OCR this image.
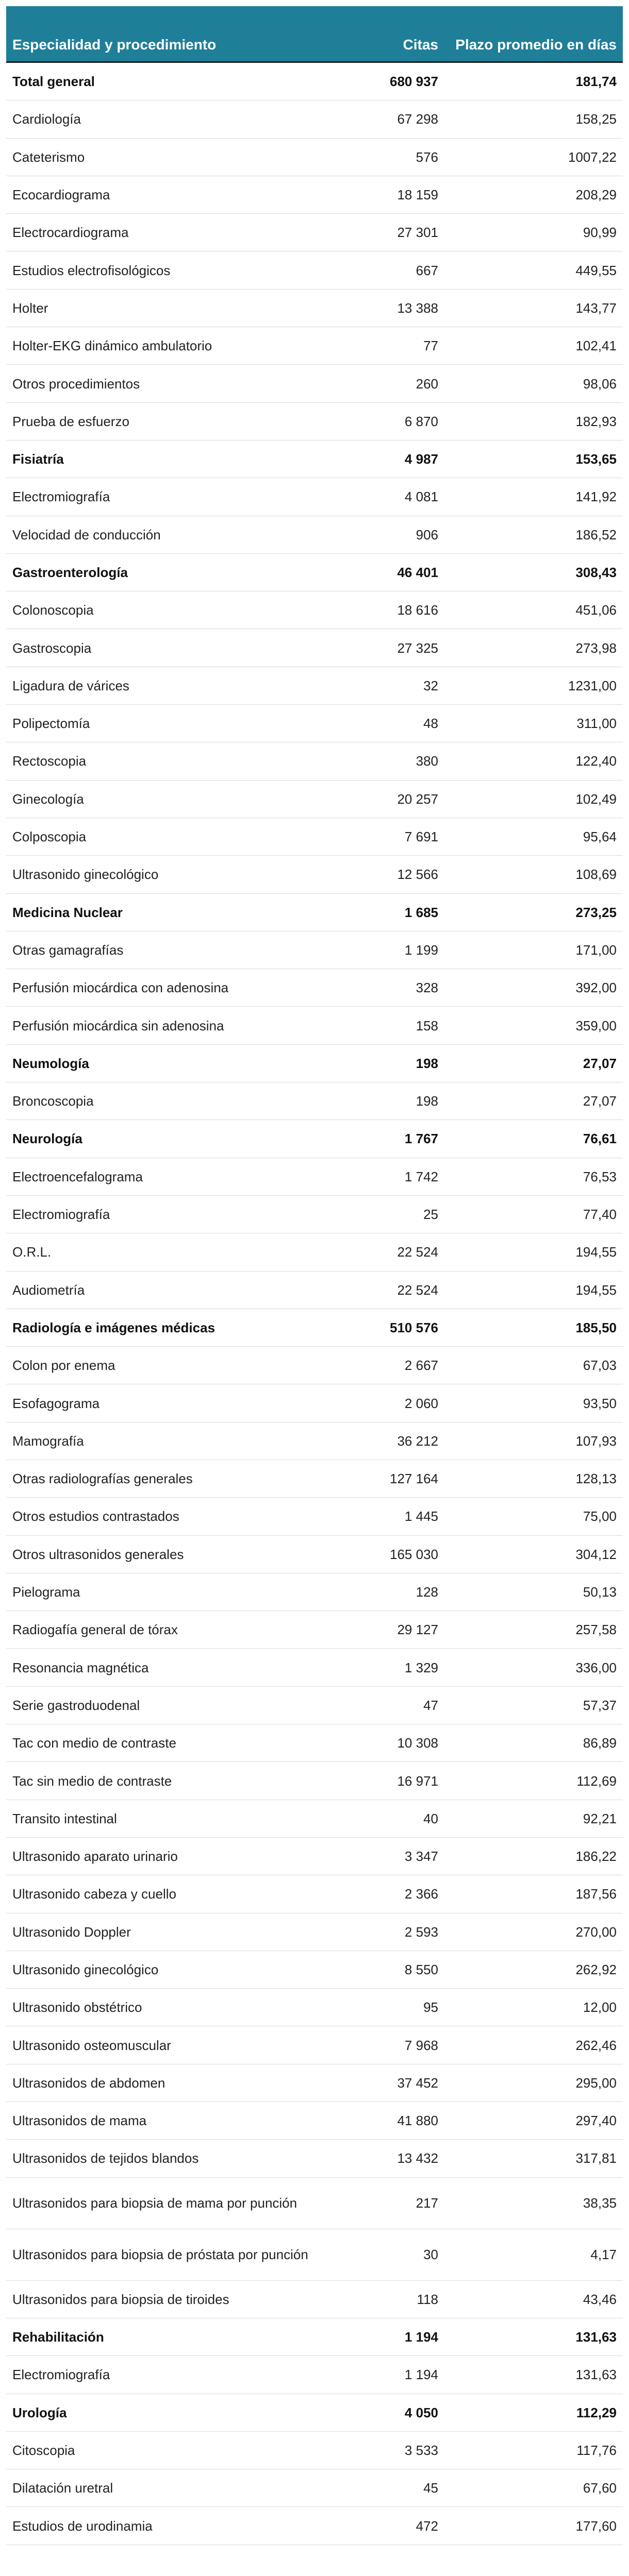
Especialidad y procedimiento	Citas	Plazo promedio en días
Total general	680 937	181,74
Cardiología	67 298	158,25
Cateterismo	576	1007,22
Ecocardiograma	18 159	208,29
Electrocardiograma	27 301	90,99
Estudios electrofisológicos	667	449,55
Holter	13 388	143,77
Holter-EKG dinámico ambulatorio	77	102,41
Otros procedimientos	260	98,06
Prueba de esfuerzo	6 870	182,93
Fisiatría	4 987	153,65
Electromiografía	4 081	141,92
Velocidad de conducción	906	186,52
Gastroenterología	46 401	308,43
Colonoscopia	18 616	451,06
Gastroscopia	27 325	273,98
Ligadura de várices	32	1231,00
Polipectomía	48	311,00
Rectoscopia	380	122,40
Ginecología	20 257	102,49
Colposcopia	7 691	95,64
Ultrasonido ginecológico	12 566	108,69
Medicina Nuclear	1 685	273,25
Otras gamagrafías	1 199	171,00
Perfusión miocárdica con adenosina	328	392,00
Perfusión miocárdica sin adenosina	158	359,00
Neumología	198	27,07
Broncoscopia	198	27,07
Neurología	1 767	76,61
Electroencefalograma	1 742	76,53
Electromiografía	25	77,40
O.R.L.	22 524	194,55
Audiometría	22 524	194,55
Radiología e imágenes médicas	510 576	185,50
Colon por enema	2 667	67,03
Esofagograma	2 060	93,50
Mamografía	36 212	107,93
Otras radiolografías generales	127 164	128,13
Otros estudios contrastados	1 445	75,00
Otros ultrasonidos generales	165 030	304,12
Pielograma	128	50,13
Radiogafía general de tórax	29 127	257,58
Resonancia magnética	1 329	336,00
Serie gastroduodenal	47	57,37
Tac con medio de contraste	10 308	86,89
Tac sin medio de contraste	16 971	112,69
Transito intestinal	40	92,21
Ultrasonido aparato urinario	3 347	186,22
Ultrasonido cabeza y cuello	2 366	187,56
Ultrasonido Doppler	2 593	270,00
Ultrasonido ginecológico	8 550	262,92
Ultrasonido obstétrico	95	12,00
Ultrasonido osteomuscular	7 968	262,46
Ultrasonidos de abdomen	37 452	295,00
Ultrasonidos de mama	41 880	297,40
Ultrasonidos de tejidos blandos	13 432	317,81
Ultrasonidos para biopsia de mama por punción	217	38,35
Ultrasonidos para biopsia de próstata por punción	30	4,17
Ultrasonidos para biopsia de tiroides	118	43,46
Rehabilitación	1 194	131,63
Electromiografía	1 194	131,63
Urología	4 050	112,29
Citoscopia	3 533	117,76
Dilatación uretral	45	67,60
Estudios de urodinamia	472	177,60
